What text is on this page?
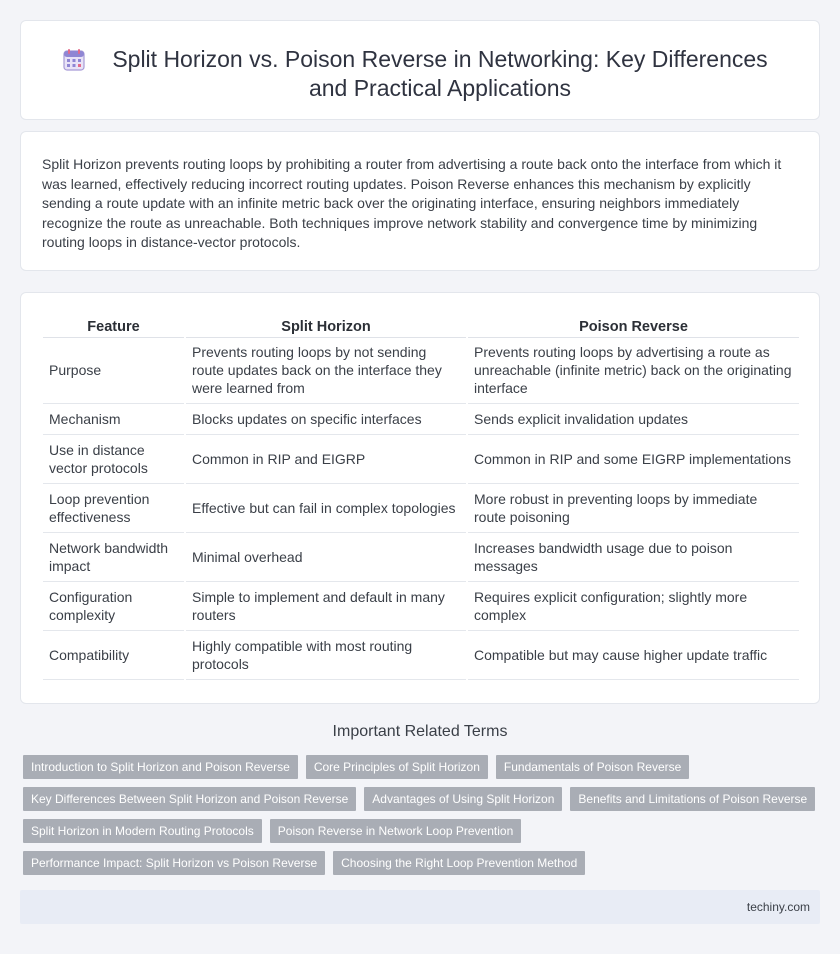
Split Horizon vs. Poison Reverse in Networking: Key Differences and Practical Applications

Split Horizon prevents routing loops by prohibiting a router from advertising a route back onto the interface from which it was learned, effectively reducing incorrect routing updates. Poison Reverse enhances this mechanism by explicitly sending a route update with an infinite metric back over the originating interface, ensuring neighbors immediately recognize the route as unreachable. Both techniques improve network stability and convergence time by minimizing routing loops in distance-vector protocols.

Feature	Split Horizon	Poison Reverse
Purpose	Prevents routing loops by not sending route updates back on the interface they were learned from	Prevents routing loops by advertising a route as unreachable (infinite metric) back on the originating interface
Mechanism	Blocks updates on specific interfaces	Sends explicit invalidation updates
Use in distance vector protocols	Common in RIP and EIGRP	Common in RIP and some EIGRP implementations
Loop prevention effectiveness	Effective but can fail in complex topologies	More robust in preventing loops by immediate route poisoning
Network bandwidth impact	Minimal overhead	Increases bandwidth usage due to poison messages
Configuration complexity	Simple to implement and default in many routers	Requires explicit configuration; slightly more complex
Compatibility	Highly compatible with most routing protocols	Compatible but may cause higher update traffic
Important Related Terms
Introduction to Split Horizon and Poison Reverse	Core Principles of Split Horizon	Fundamentals of Poison Reverse
Key Differences Between Split Horizon and Poison Reverse	Advantages of Using Split Horizon	Benefits and Limitations of Poison Reverse
Split Horizon in Modern Routing Protocols	Poison Reverse in Network Loop Prevention
Performance Impact: Split Horizon vs Poison Reverse	Choosing the Right Loop Prevention Method
techiny.com
